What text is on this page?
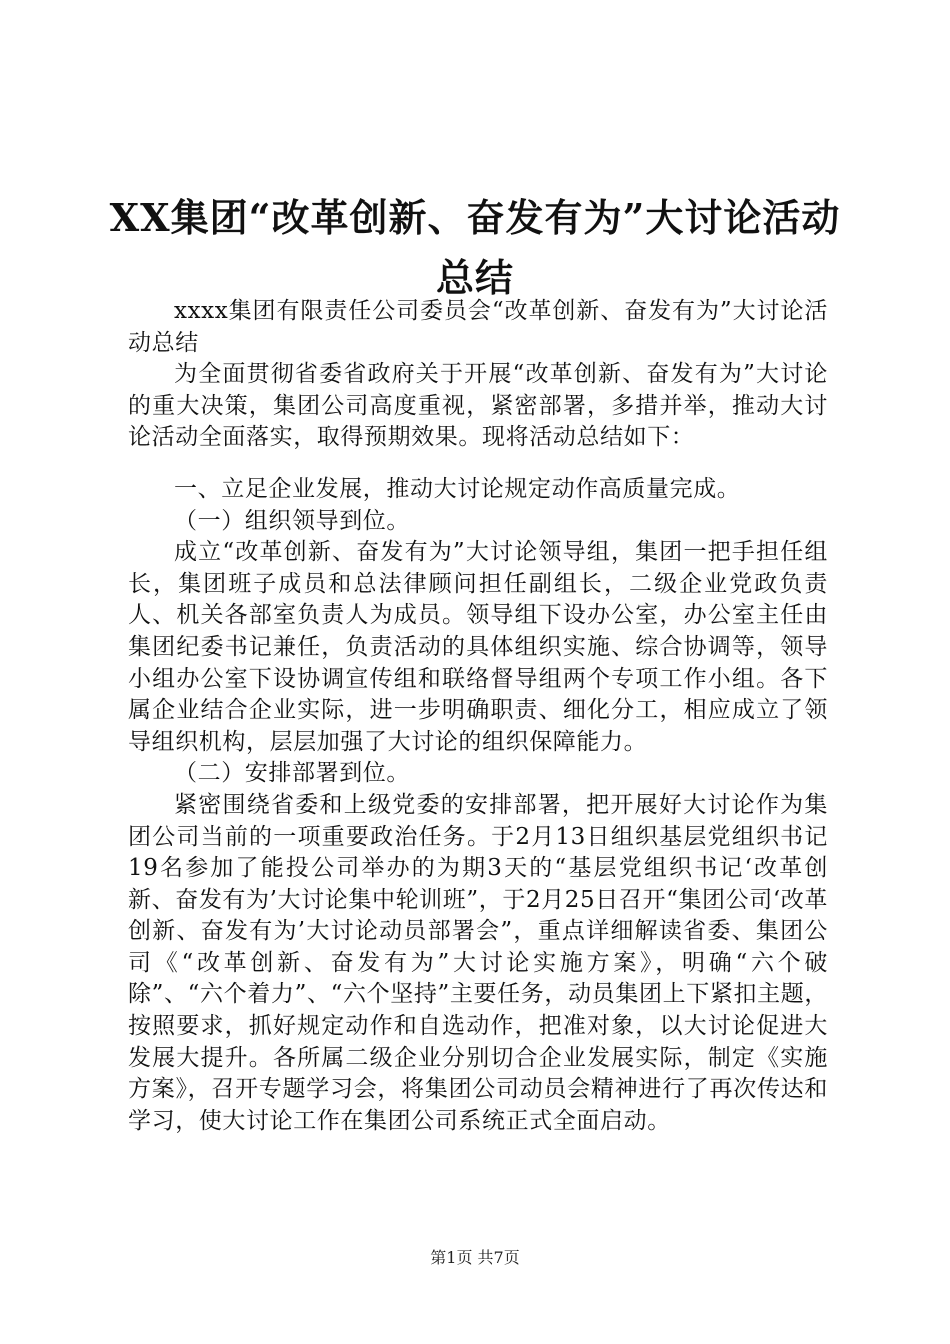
XX集团“改革创新、奋发有为”大讨论活动
总结

xxxx集团有限责任公司委员会“改革创新、奋发有为”大讨论活动总结

为全面贯彻省委省政府关于开展“改革创新、奋发有为”大讨论的重大决策，集团公司高度重视，紧密部署，多措并举，推动大讨论活动全面落实，取得预期效果。现将活动总结如下：

一、立足企业发展，推动大讨论规定动作高质量完成。

（一）组织领导到位。

成立“改革创新、奋发有为”大讨论领导组，集团一把手担任组长，集团班子成员和总法律顾问担任副组长，二级企业党政负责人、机关各部室负责人为成员。领导组下设办公室，办公室主任由集团纪委书记兼任，负责活动的具体组织实施、综合协调等，领导小组办公室下设协调宣传组和联络督导组两个专项工作小组。各下属企业结合企业实际，进一步明确职责、细化分工，相应成立了领导组织机构，层层加强了大讨论的组织保障能力。

（二）安排部署到位。

紧密围绕省委和上级党委的安排部署，把开展好大讨论作为集团公司当前的一项重要政治任务。于2月13日组织基层党组织书记19名参加了能投公司举办的为期3天的“基层党组织书记‘改革创新、奋发有为’大讨论集中轮训班”，于2月25日召开“集团公司‘改革创新、奋发有为’大讨论动员部署会”，重点详细解读省委、集团公司《“改革创新、奋发有为”大讨论实施方案》，明确“六个破除”、“六个着力”、“六个坚持”主要任务，动员集团上下紧扣主题，按照要求，抓好规定动作和自选动作，把准对象，以大讨论促进大发展大提升。各所属二级企业分别切合企业发展实际，制定《实施方案》，召开专题学习会，将集团公司动员会精神进行了再次传达和学习，使大讨论工作在集团公司系统正式全面启动。

第1页 共7页
